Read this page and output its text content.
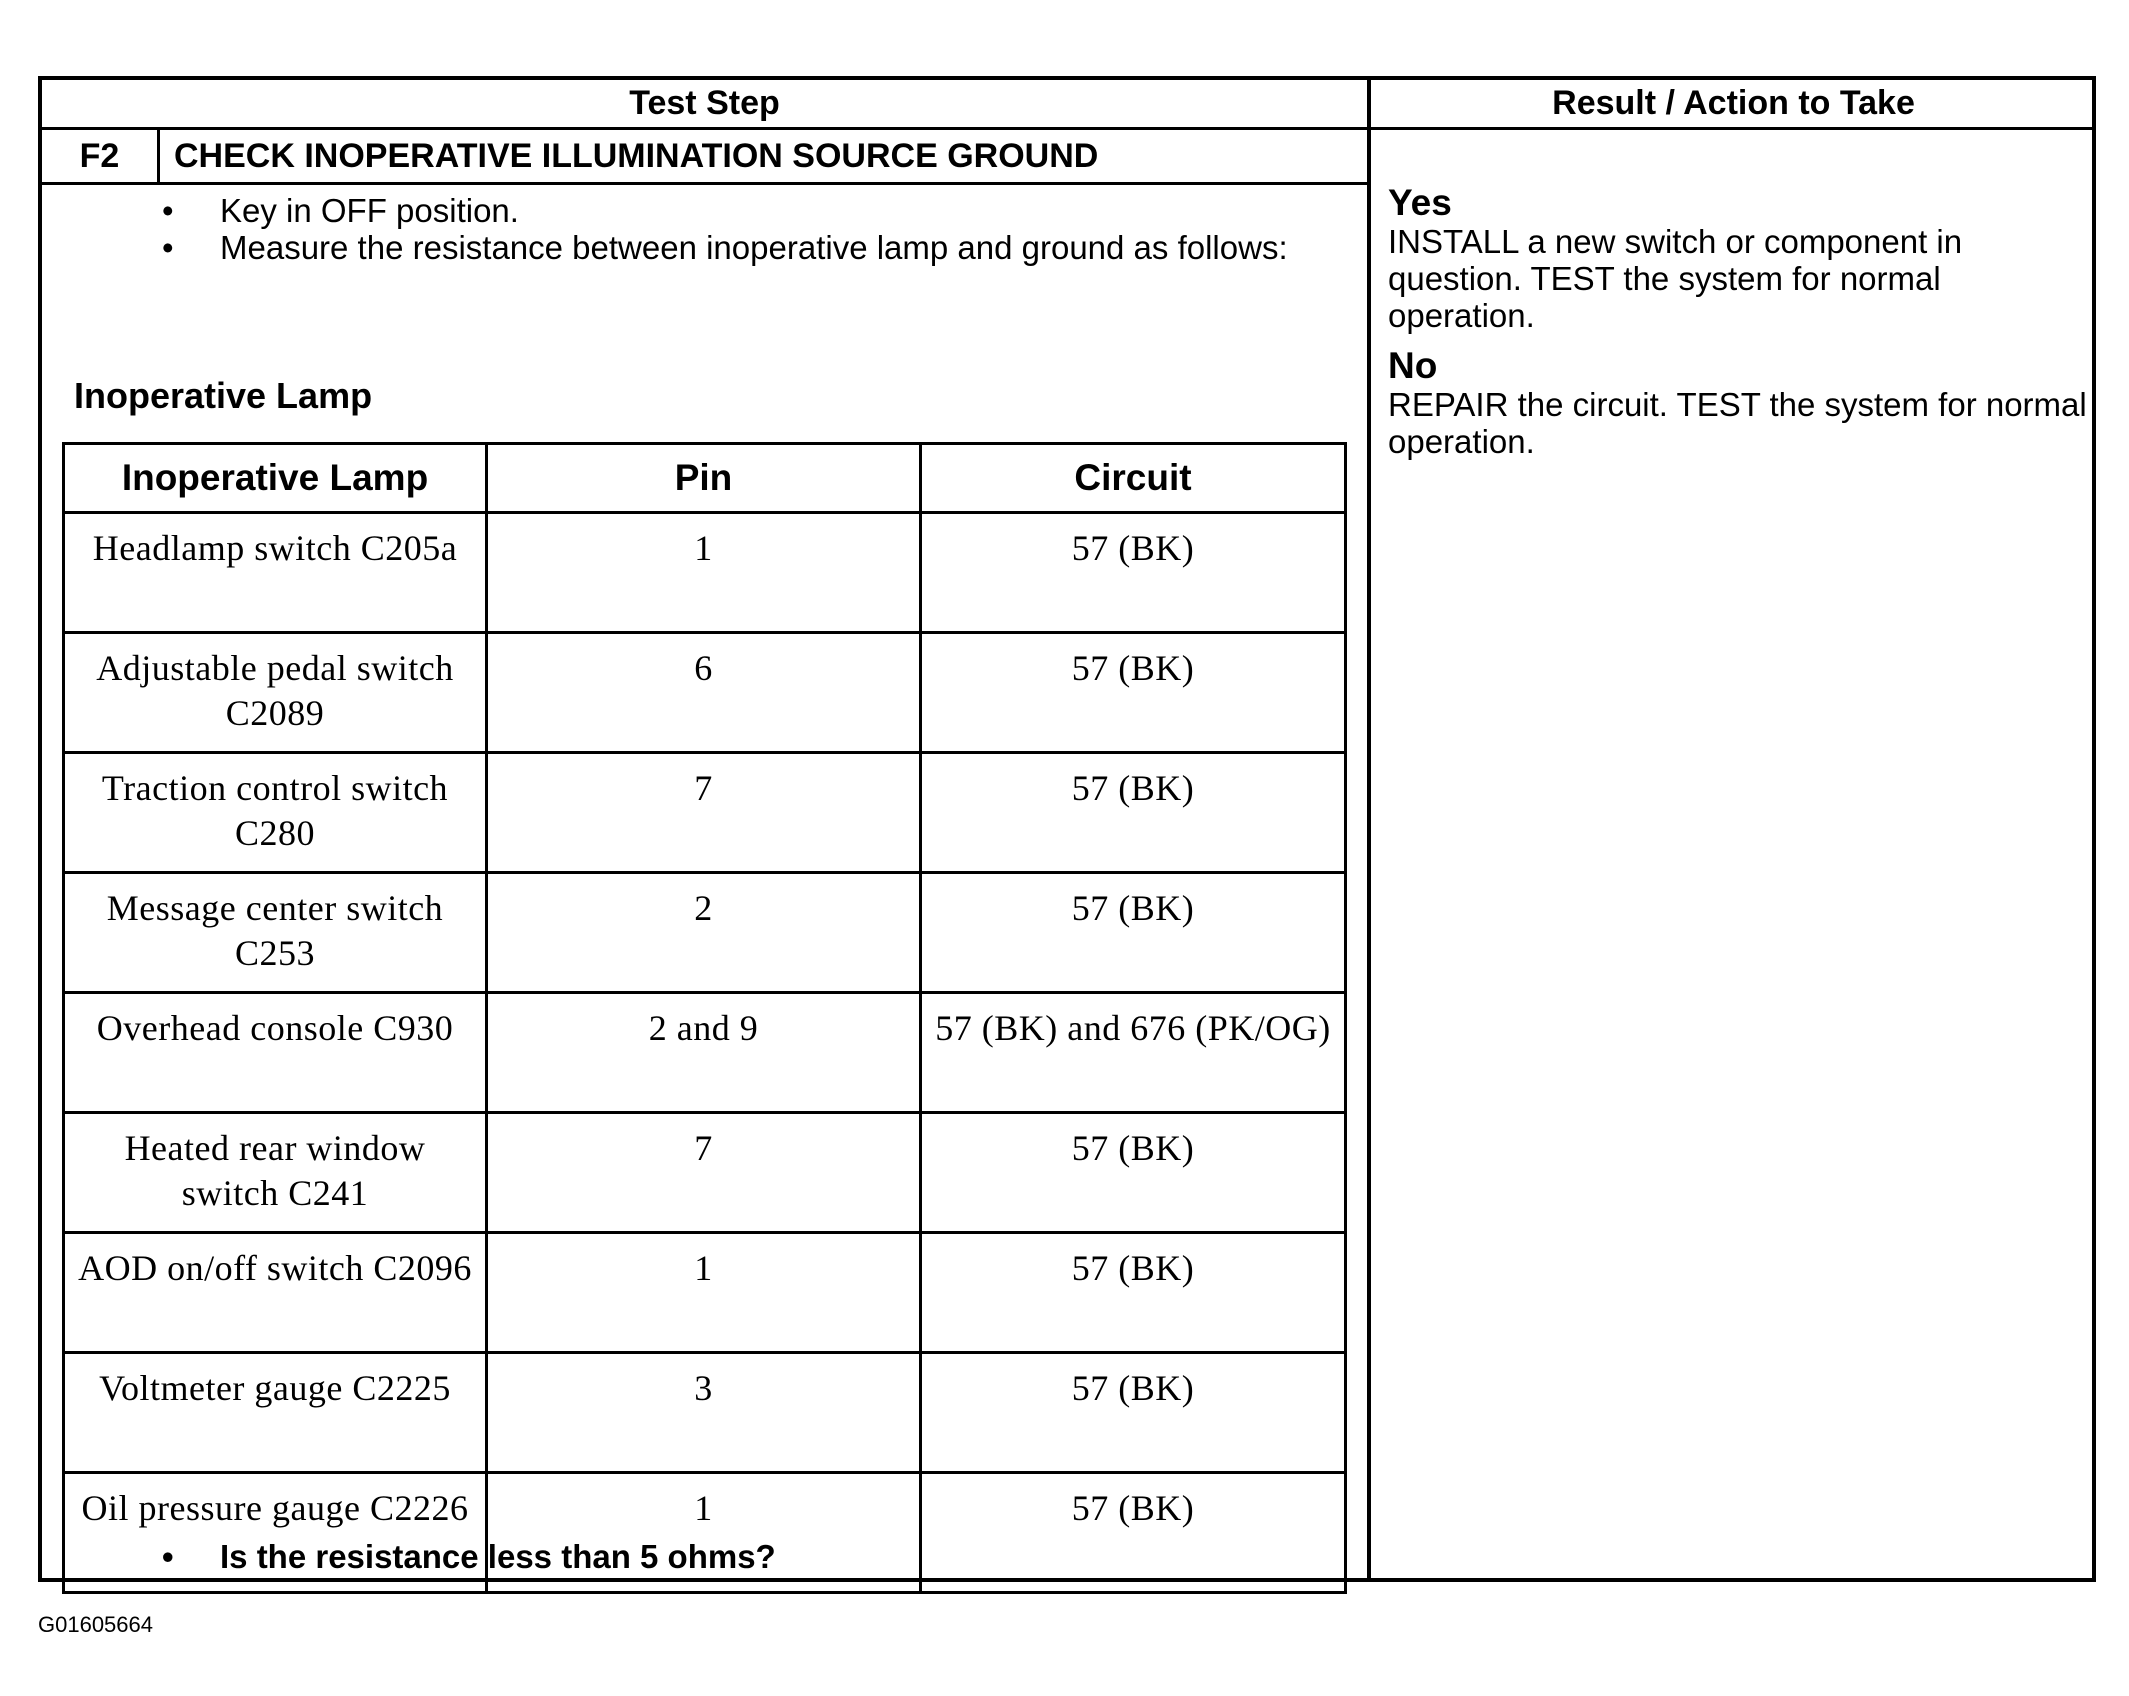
Test Step	Result / Action to Take
F2	CHECK INOPERATIVE ILLUMINATION SOURCE GROUND
• Key in OFF position.
• Measure the resistance between inoperative lamp and ground as follows:
Inoperative Lamp
Inoperative Lamp	Pin	Circuit
Headlamp switch C205a	1	57 (BK)
Adjustable pedal switch C2089	6	57 (BK)
Traction control switch C280	7	57 (BK)
Message center switch C253	2	57 (BK)
Overhead console C930	2 and 9	57 (BK) and 676 (PK/OG)
Heated rear window switch C241	7	57 (BK)
AOD on/off switch C2096	1	57 (BK)
Voltmeter gauge C2225	3	57 (BK)
Oil pressure gauge C2226	1	57 (BK)
• Is the resistance less than 5 ohms?
Yes
INSTALL a new switch or component in question. TEST the system for normal operation.
No
REPAIR the circuit. TEST the system for normal operation.
G01605664
